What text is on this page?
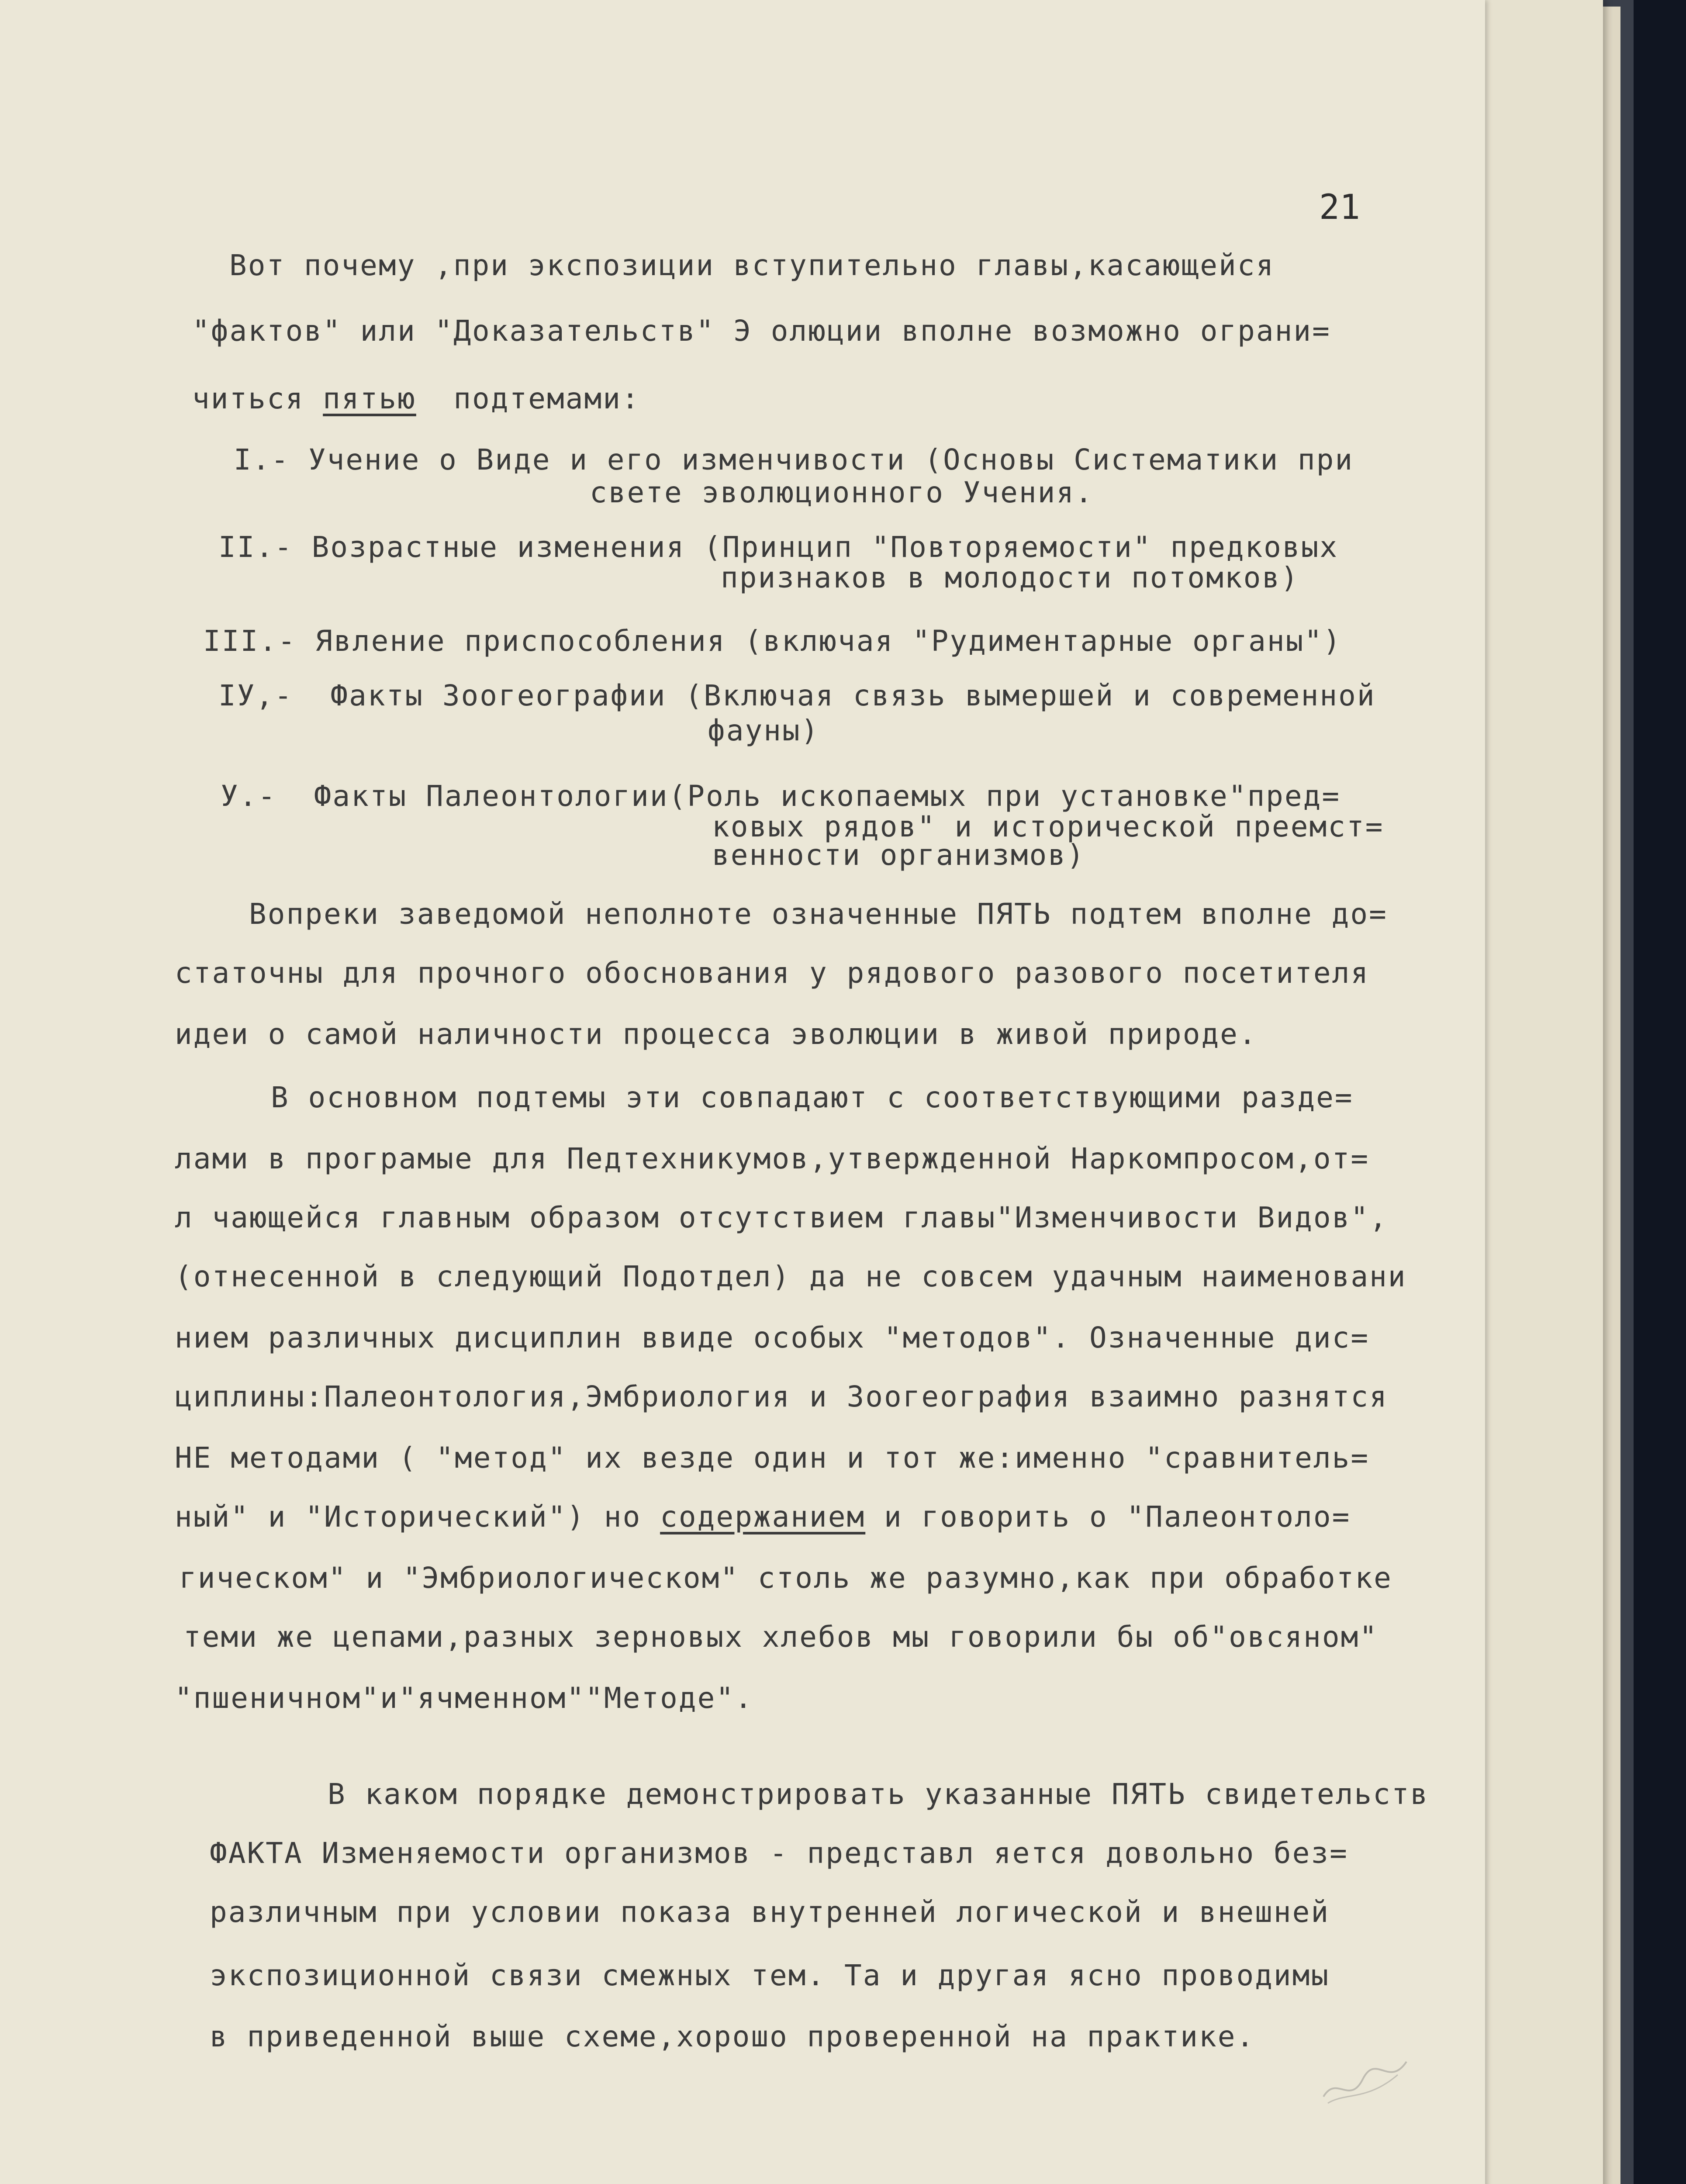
21
Вот почему ,при экспозиции вступительно главы,касающейся
"фактов" или "Доказательств" Э олюции вполне возможно ограни=
читься пятью  подтемами:
I.- Учение о Виде и его изменчивости (Основы Систематики при
свете эволюционного Учения.
II.- Возрастные изменения (Принцип "Повторяемости" предковых
признаков в молодости потомков)
III.- Явление приспособления (включая "Рудиментарные органы")
IУ,-  Факты Зоогеографии (Включая связь вымершей и современной
фауны)
У.-  Факты Палеонтологии(Роль ископаемых при установке"пред=
ковых рядов" и исторической преемст=
венности организмов)
Вопреки заведомой неполноте означенные ПЯТЬ подтем вполне до=
статочны для прочного обоснования у рядового разового посетителя
идеи о самой наличности процесса эволюции в живой природе.
В основном подтемы эти совпадают с соответствующими разде=
лами в програмые для Педтехникумов,утвержденной Наркомпросом,от=
л чающейся главным образом отсутствием главы"Изменчивости Видов",
(отнесенной в следующий Подотдел) да не совсем удачным наименовани
нием различных дисциплин ввиде особых "методов". Означенные дис=
циплины:Палеонтология,Эмбриология и Зоогеография взаимно разнятся
НЕ методами ( "метод" их везде один и тот же:именно "сравнитель=
ный" и "Исторический") но содержанием и говорить о "Палеонтоло=
гическом" и "Эмбриологическом" столь же разумно,как при обработке
теми же цепами,разных зерновых хлебов мы говорили бы об"овсяном"
"пшеничном"и"ячменном""Методе".
В каком порядке демонстрировать указанные ПЯТЬ свидетельств
ФАКТА Изменяемости организмов - представл яется довольно без=
различным при условии показа внутренней логической и внешней
экспозиционной связи смежных тем. Та и другая ясно проводимы
в приведенной выше схеме,хорошо проверенной на практике.
